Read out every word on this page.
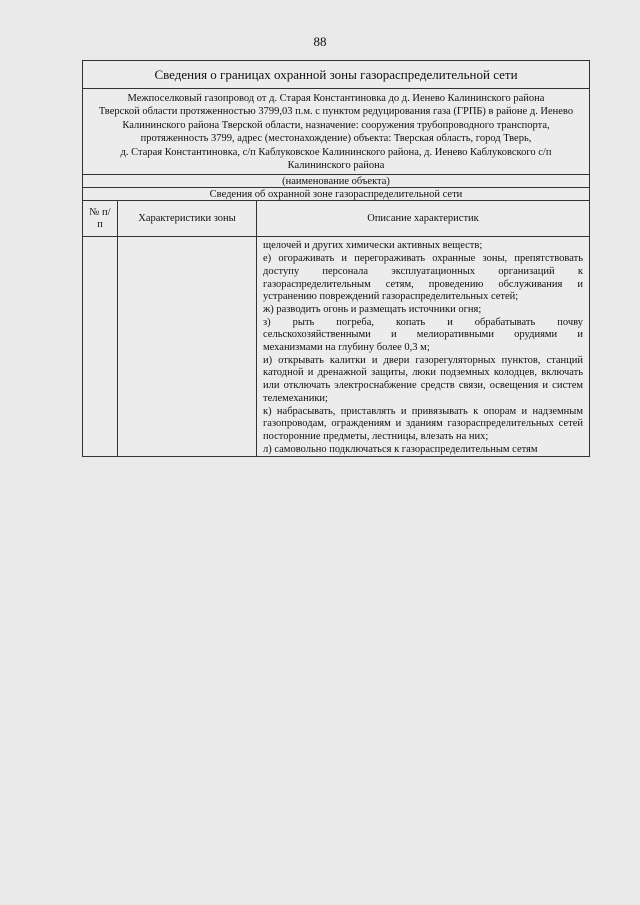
88
Сведения о границах охранной зоны газораспределительной сети
Межпоселковый газопровод от д. Старая Константиновка до д. Иенево Калининского района
Тверской области протяженностью 3799,03 п.м. с пунктом редуцирования газа (ГРПБ) в районе д. Иенево
Калининского района Тверской области, назначение: сооружения трубопроводного транспорта,
протяженность 3799, адрес (местонахождение) объекта: Тверская область, город Тверь,
д. Старая Константиновка, с/п Каблуковское Калининского района, д. Иенево Каблуковского с/п
Калининского района
(наименование объекта)
Сведения об охранной зоне газораспределительной сети
№ п/п
Характеристики зоны	Описание характеристик

щелочей и других химически активных веществ;

е) огораживать и перегораживать охранные зоны, препятствовать

доступу персонала эксплуатационных организаций к

газораспределительным сетям, проведению обслуживания и

устранению повреждений газораспределительных сетей;

ж) разводить огонь и размещать источники огня;

з) рыть погреба, копать и обрабатывать почву

сельскохозяйственными и мелиоративными орудиями и

механизмами на глубину более 0,3 м;

и) открывать калитки и двери газорегуляторных пунктов, станций

катодной и дренажной защиты, люки подземных колодцев, включать

или отключать электроснабжение средств связи, освещения и систем

телемеханики;

к) набрасывать, приставлять и привязывать к опорам и надземным

газопроводам, ограждениям и зданиям газораспределительных сетей

посторонние предметы, лестницы, влезать на них;

л) самовольно подключаться к газораспределительным сетям
